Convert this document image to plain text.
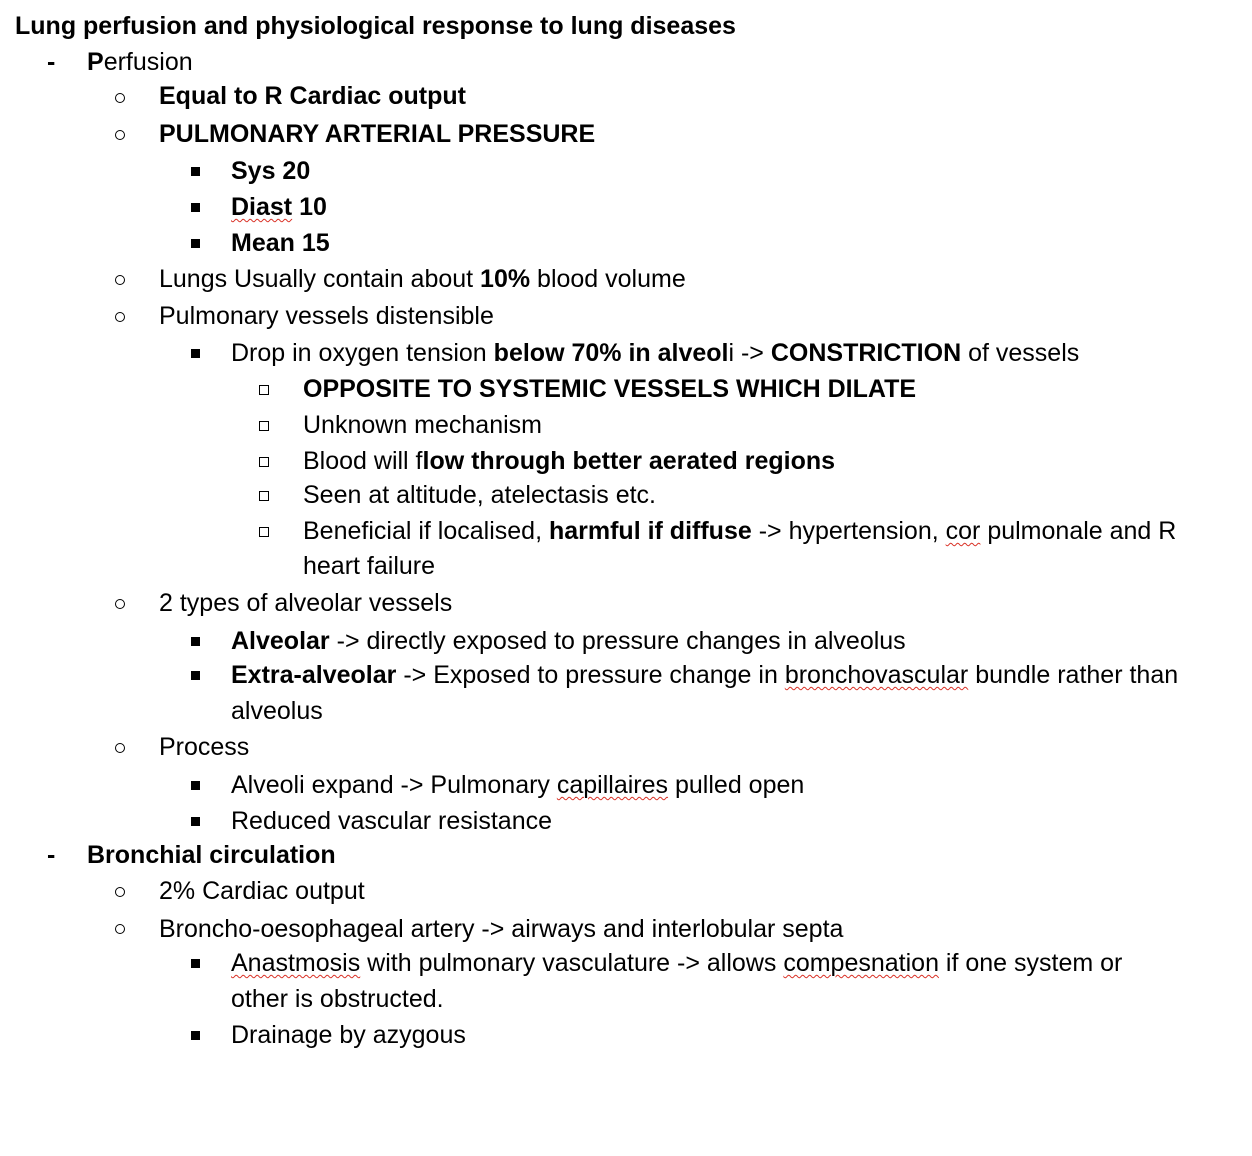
Lung perfusion and physiological response to lung diseases
- Perfusion
Equal to R Cardiac output
PULMONARY ARTERIAL PRESSURE
Sys 20
Diast 10
Mean 15
Lungs Usually contain about 10% blood volume
Pulmonary vessels distensible
Drop in oxygen tension below 70% in alveoli -> CONSTRICTION of vessels
OPPOSITE TO SYSTEMIC VESSELS WHICH DILATE
Unknown mechanism
Blood will flow through better aerated regions
Seen at altitude, atelectasis etc.
Beneficial if localised, harmful if diffuse -> hypertension, cor pulmonale and R
heart failure
2 types of alveolar vessels
Alveolar -> directly exposed to pressure changes in alveolus
Extra-alveolar -> Exposed to pressure change in bronchovascular bundle rather than
alveolus
Process
Alveoli expand -> Pulmonary capillaires pulled open
Reduced vascular resistance
- Bronchial circulation
2% Cardiac output
Broncho-oesophageal artery -> airways and interlobular septa
Anastmosis with pulmonary vasculature -> allows compesnation if one system or
other is obstructed.
Drainage by azygous
